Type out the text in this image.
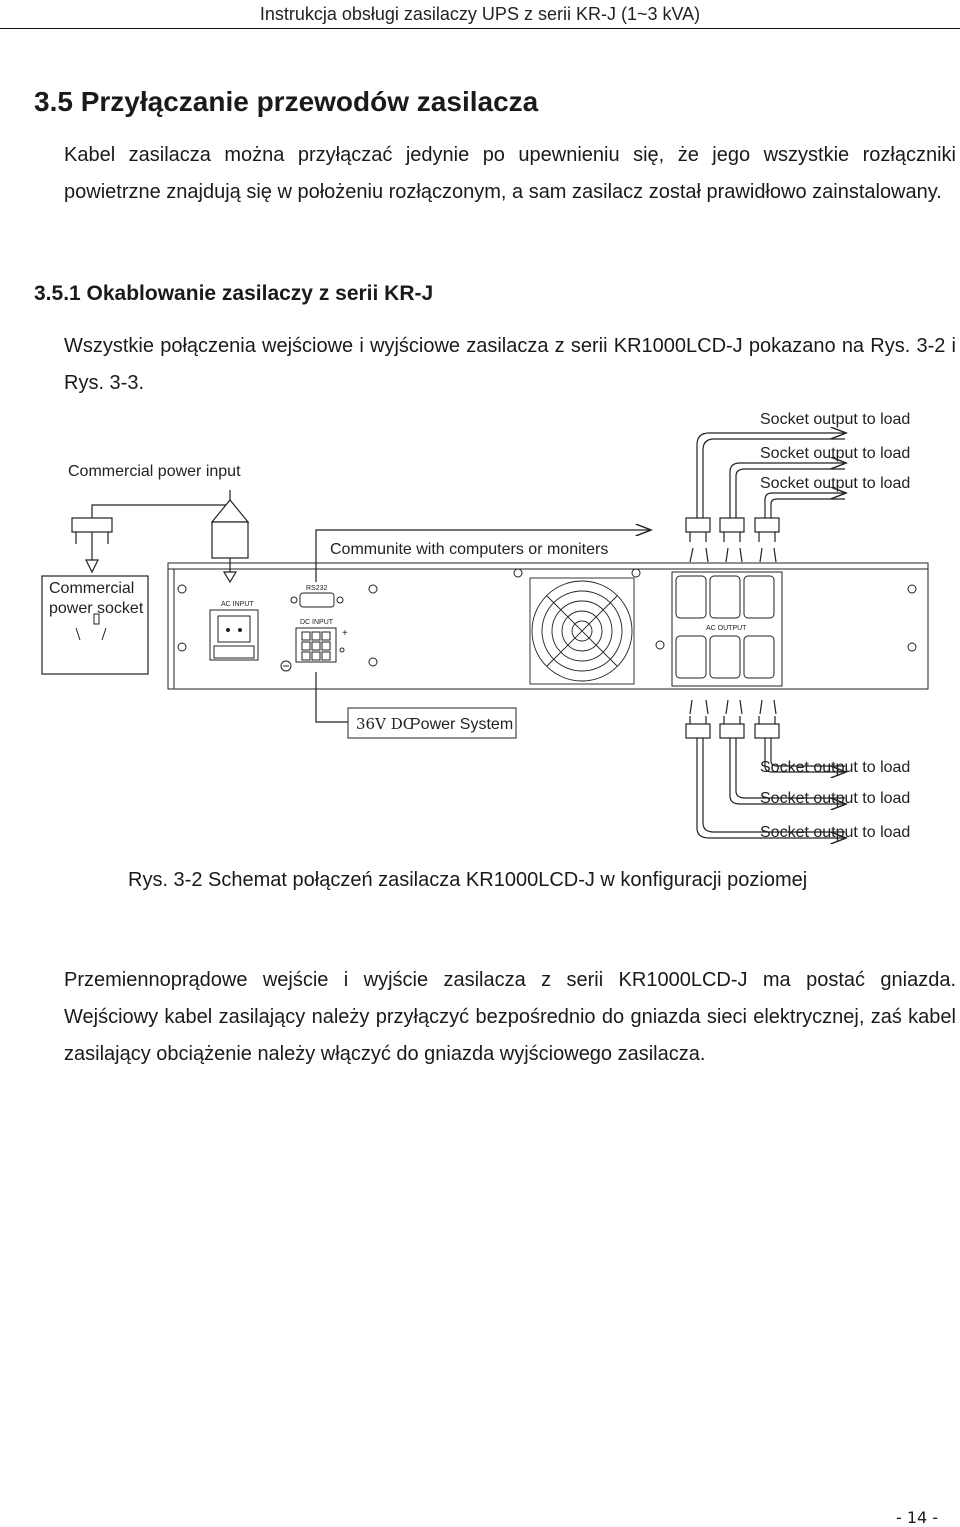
Instrukcja obsługi zasilaczy UPS z serii KR-J (1~3 kVA)
3.5 Przyłączanie przewodów zasilacza
Kabel zasilacza można przyłączać jedynie po upewnieniu się, że jego wszystkie rozłączniki powietrzne znajdują się w położeniu rozłączonym, a sam zasilacz został prawidłowo zainstalowany.
3.5.1 Okablowanie zasilaczy z serii KR-J
Wszystkie połączenia wejściowe i wyjściowe zasilacza z serii KR1000LCD-J pokazano na Rys. 3-2 i Rys. 3-3.
Socket output to load
Socket output to load
Socket output to load
Commercial power input
Communite with computers or moniters
Commercial
power socket	AC INPUT
RS232
DC INPUT
+	AC OUTPUT
36V DC
Power System
Socket output to load
Socket output to load
Socket output to load
Rys. 3-2 Schemat połączeń zasilacza KR1000LCD-J w konfiguracji poziomej
Przemiennoprądowe wejście i wyjście zasilacza z serii KR1000LCD-J ma postać gniazda. Wejściowy kabel zasilający należy przyłączyć bezpośrednio do gniazda sieci elektrycznej, zaś kabel zasilający obciążenie należy włączyć do gniazda wyjściowego zasilacza.
- 14 -
